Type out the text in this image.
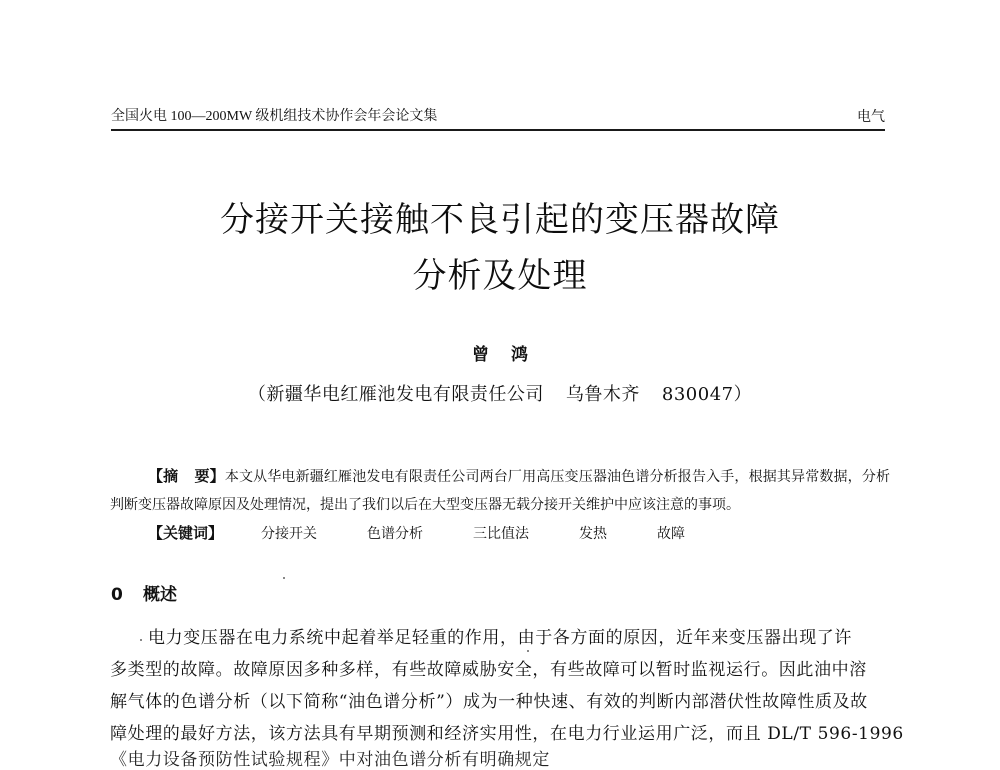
全国火电 100—200MW 级机组技术协作会年会论文集	电气
分接开关接触不良引起的变压器故障
分析及处理
曾 鸿
（新疆华电红雁池发电有限责任公司 乌鲁木齐 830047）

【摘 要】本文从华电新疆红雁池发电有限责任公司两台厂用高压变压器油色谱分析报告入手，根据其异常数据，分析判断变压器故障原因及处理情况，提出了我们以后在大型变压器无载分接开关维护中应该注意的事项。

【关键词】	分接开关	色谱分析	三比值法	发热	故障

0 概述
电力变压器在电力系统中起着举足轻重的作用，由于各方面的原因，近年来变压器出现了许
多类型的故障。故障原因多种多样，有些故障威胁安全，有些故障可以暂时监视运行。因此油中溶
解气体的色谱分析（以下简称“油色谱分析”）成为一种快速、有效的判断内部潜伏性故障性质及故
障处理的最好方法，该方法具有早期预测和经济实用性，在电力行业运用广泛，而且 DL/T 596-1996
《电力设备预防性试验规程》中对油色谱分析有明确规定
